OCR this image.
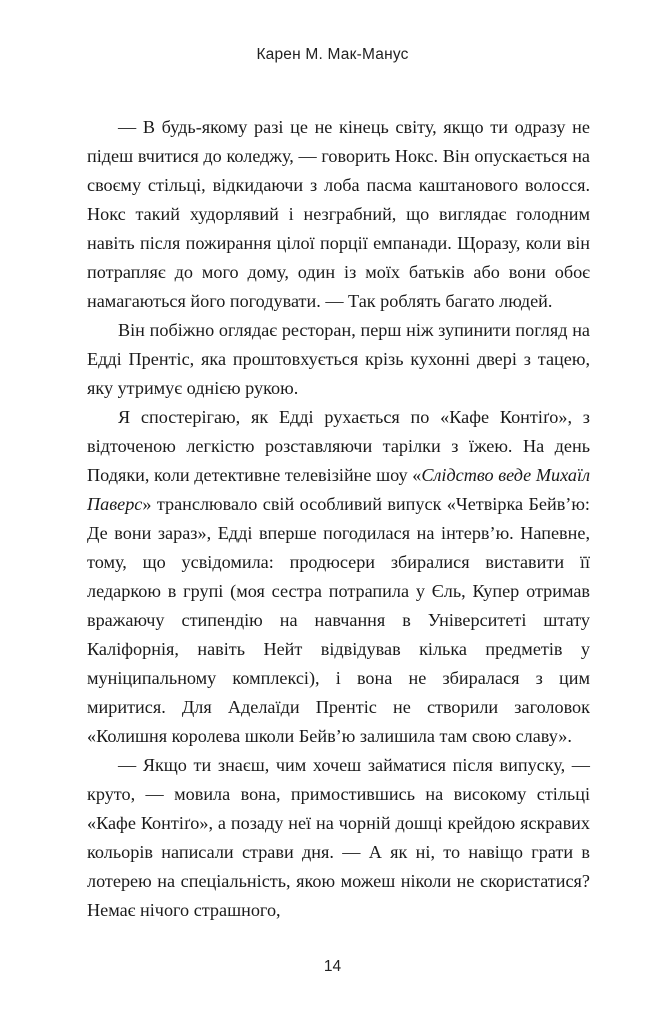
Карен М. Мак-Манус

— В будь-якому разі це не кінець світу, якщо ти одразу не підеш вчитися до коледжу, — говорить Нокс. Він опускається на своєму стільці, відкидаючи з лоба пасма каштанового волосся. Нокс такий худорлявий і незграбний, що виглядає голодним навіть після пожирання цілої порції емпанади. Щоразу, коли він потрапляє до мого дому, один із моїх батьків або вони обоє намагаються його погодувати. — Так роблять багато людей.

Він побіжно оглядає ресторан, перш ніж зупинити погляд на Едді Прентіс, яка проштовхується крізь кухонні двері з тацею, яку утримує однією рукою.

Я спостерігаю, як Едді рухається по «Кафе Контіґо», з відточеною легкістю розставляючи тарілки з їжею. На день Подяки, коли детективне телевізійне шоу «Слідство веде Михаїл Паверс» транслювало свій особливий випуск «Четвірка Бейв’ю: Де вони зараз», Едді вперше погодилася на інтерв’ю. Напевне, тому, що усвідомила: продюсери збиралися виставити її ледаркою в групі (моя сестра потрапила у Єль, Купер отримав вражаючу стипендію на навчання в Університеті штату Каліфорнія, навіть Нейт відвідував кілька предметів у муніципальному комплексі), і вона не збиралася з цим миритися. Для Аделаїди Прентіс не створили заголовок «Колишня королева школи Бейв’ю залишила там свою славу».

— Якщо ти знаєш, чим хочеш займатися після випуску, — круто, — мовила вона, примостившись на високому стільці «Кафе Контіґо», а позаду неї на чорній дошці крейдою яскравих кольорів написали страви дня. — А як ні, то навіщо грати в лотерею на спеціальність, якою можеш ніколи не скористатися? Немає нічого страшного,

14
